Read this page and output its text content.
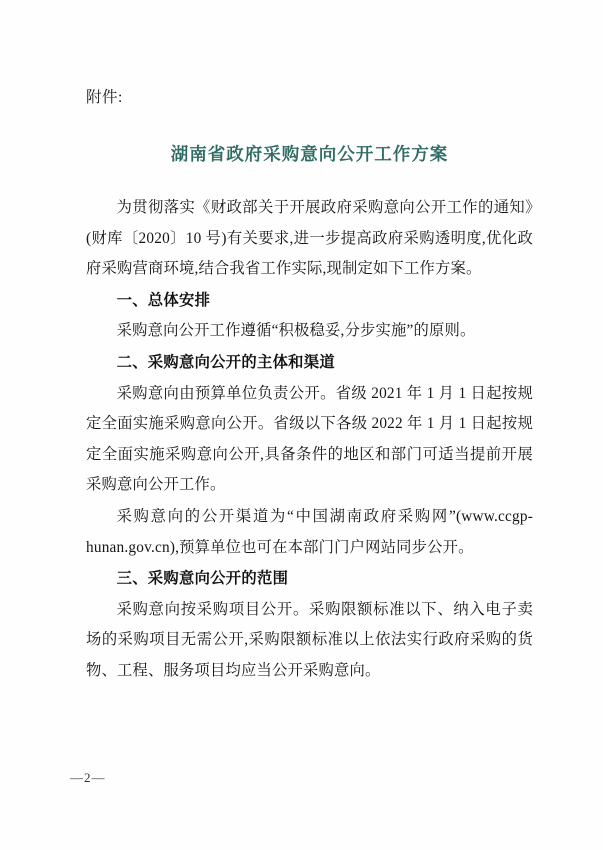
附件:
湖南省政府采购意向公开工作方案

为贯彻落实《财政部关于开展政府采购意向公开工作的通知》(财库〔2020〕10 号)有关要求,进一步提高政府采购透明度,优化政府采购营商环境,结合我省工作实际,现制定如下工作方案。

一、总体安排

采购意向公开工作遵循“积极稳妥,分步实施”的原则。

二、采购意向公开的主体和渠道

采购意向由预算单位负责公开。省级 2021 年 1 月 1 日起按规定全面实施采购意向公开。省级以下各级 2022 年 1 月 1 日起按规定全面实施采购意向公开,具备条件的地区和部门可适当提前开展采购意向公开工作。

采购意向的公开渠道为“中国湖南政府采购网”(www.ccgp-hunan.gov.cn),预算单位也可在本部门门户网站同步公开。

三、采购意向公开的范围

采购意向按采购项目公开。采购限额标准以下、纳入电子卖场的采购项目无需公开,采购限额标准以上依法实行政府采购的货物、工程、服务项目均应当公开采购意向。

—2—
